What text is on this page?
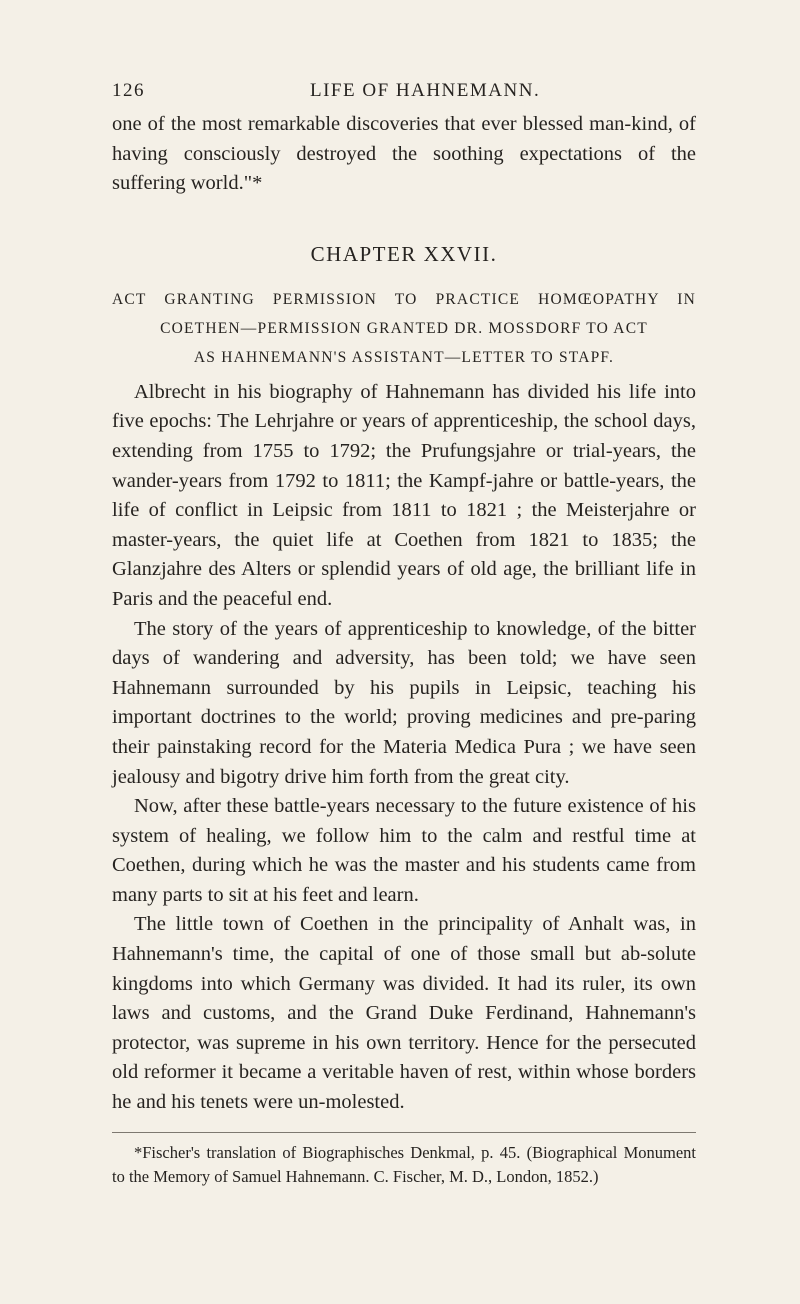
126	LIFE OF HAHNEMANN.

one of the most remarkable discoveries that ever blessed man-kind, of having consciously destroyed the soothing expectations of the suffering world."*

CHAPTER XXVII.
ACT GRANTING PERMISSION TO PRACTICE HOMŒOPATHY IN
COETHEN—PERMISSION GRANTED DR. MOSSDORF TO ACT
AS HAHNEMANN'S ASSISTANT—LETTER TO STAPF.

Albrecht in his biography of Hahnemann has divided his life into five epochs: The Lehrjahre or years of apprenticeship, the school days, extending from 1755 to 1792; the Prufungsjahre or trial-years, the wander-years from 1792 to 1811; the Kampf-jahre or battle-years, the life of conflict in Leipsic from 1811 to 1821 ; the Meisterjahre or master-years, the quiet life at Coethen from 1821 to 1835; the Glanzjahre des Alters or splendid years of old age, the brilliant life in Paris and the peaceful end.

The story of the years of apprenticeship to knowledge, of the bitter days of wandering and adversity, has been told; we have seen Hahnemann surrounded by his pupils in Leipsic, teaching his important doctrines to the world; proving medicines and pre-paring their painstaking record for the Materia Medica Pura ; we have seen jealousy and bigotry drive him forth from the great city.

Now, after these battle-years necessary to the future existence of his system of healing, we follow him to the calm and restful time at Coethen, during which he was the master and his students came from many parts to sit at his feet and learn.

The little town of Coethen in the principality of Anhalt was, in Hahnemann's time, the capital of one of those small but ab-solute kingdoms into which Germany was divided. It had its ruler, its own laws and customs, and the Grand Duke Ferdinand, Hahnemann's protector, was supreme in his own territory. Hence for the persecuted old reformer it became a veritable haven of rest, within whose borders he and his tenets were un-molested.

*Fischer's translation of Biographisches Denkmal, p. 45. (Biographical Monument to the Memory of Samuel Hahnemann. C. Fischer, M. D., London, 1852.)
